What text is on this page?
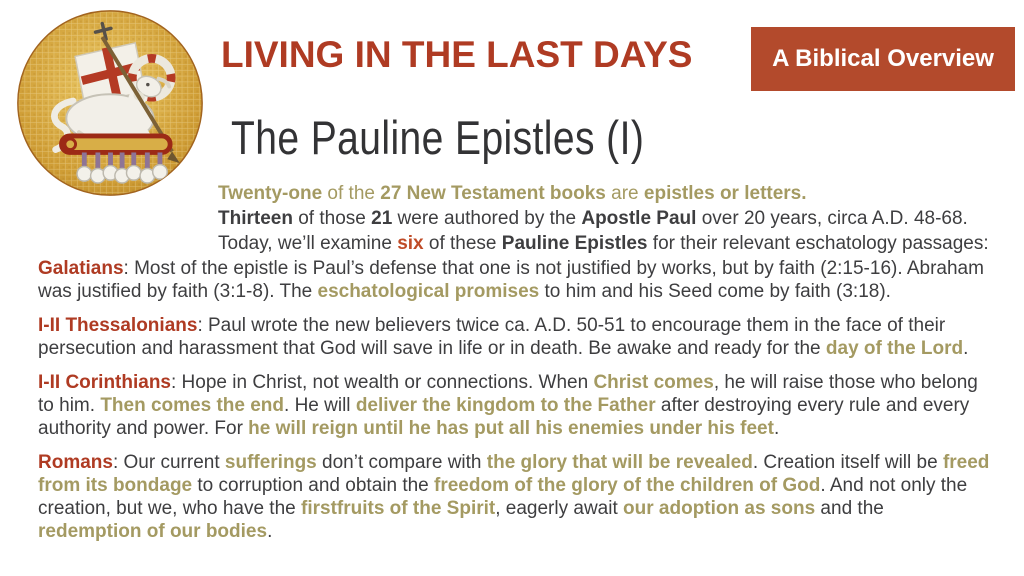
LIVING IN THE LAST DAYS	A Biblical Overview
The Pauline Epistles (I)
Twenty-one of the 27 New Testament books are epistles or letters.
Thirteen of those 21 were authored by the Apostle Paul over 20 years, circa A.D. 48-68.
Today, we’ll examine six of these Pauline Epistles for their relevant eschatology passages:
Galatians: Most of the epistle is Paul’s defense that one is not justified by works, but by faith (2:15-16). Abraham was justified by faith (3:1-8). The eschatological promises to him and his Seed come by faith (3:18).
I-II Thessalonians: Paul wrote the new believers twice ca. A.D. 50-51 to encourage them in the face of their persecution and harassment that God will save in life or in death. Be awake and ready for the day of the Lord.
I-II Corinthians: Hope in Christ, not wealth or connections. When Christ comes, he will raise those who belong to him. Then comes the end. He will deliver the kingdom to the Father after destroying every rule and every authority and power. For he will reign until he has put all his enemies under his feet.
Romans: Our current sufferings don’t compare with the glory that will be revealed. Creation itself will be freed from its bondage to corruption and obtain the freedom of the glory of the children of God. And not only the creation, but we, who have the firstfruits of the Spirit, eagerly await our adoption as sons and the redemption of our bodies.
